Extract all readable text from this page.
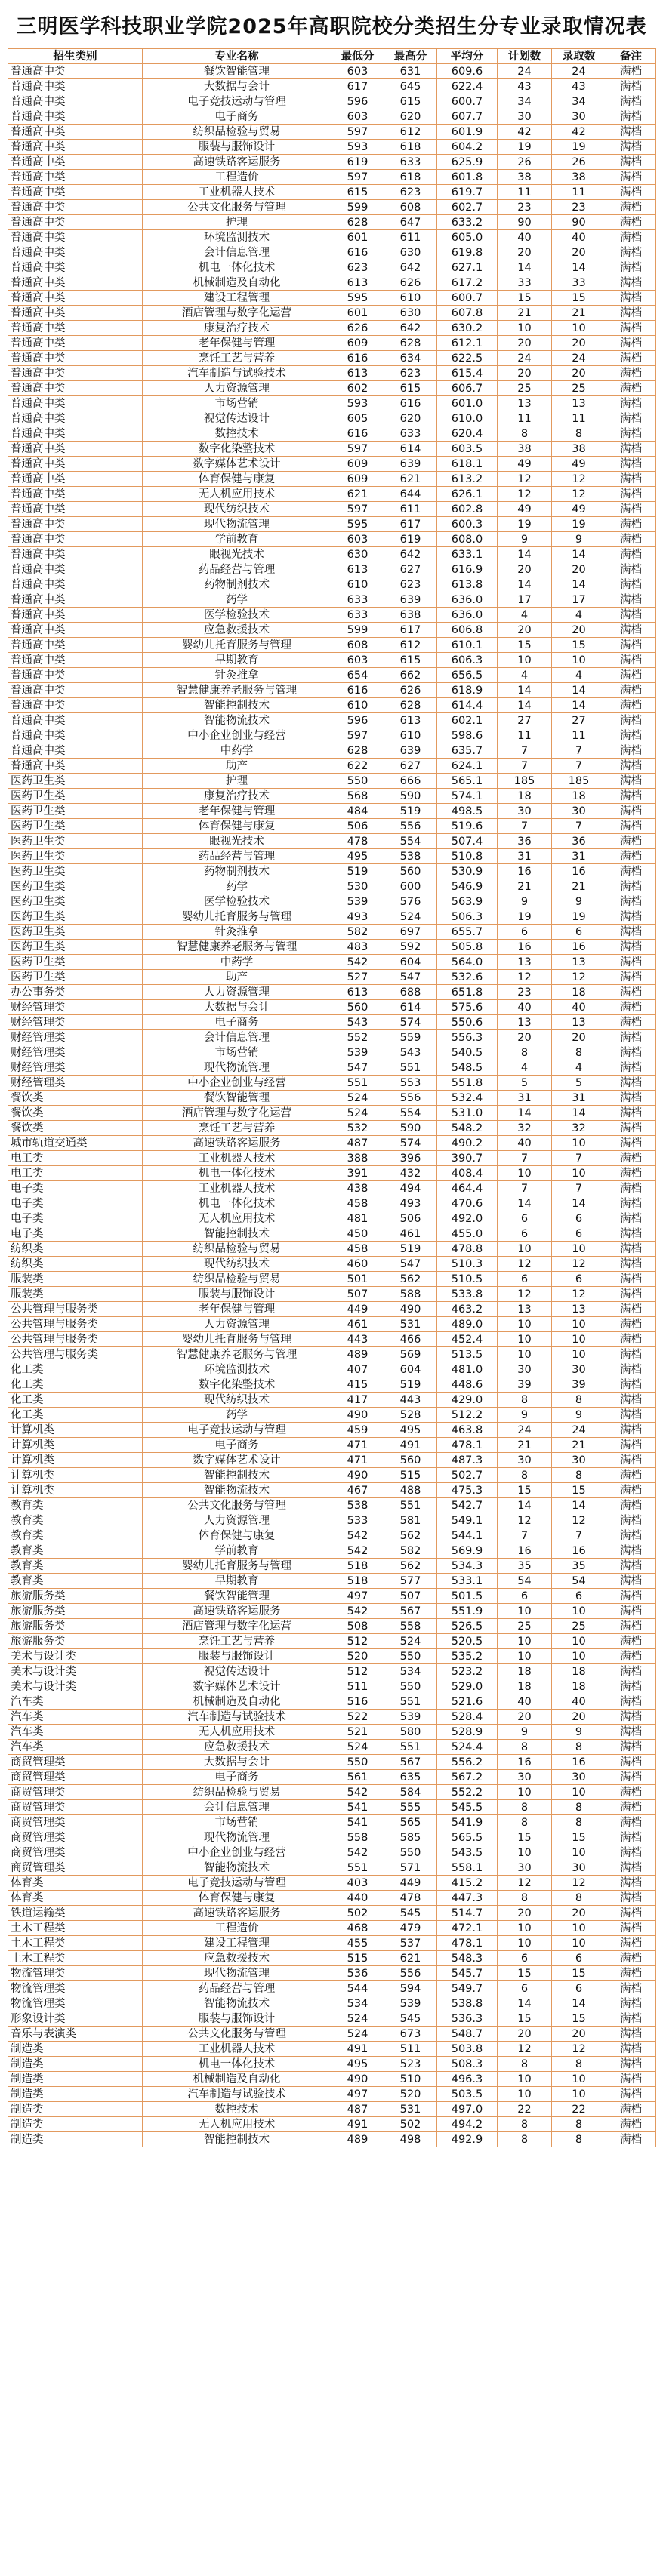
三明医学科技职业学院2025年高职院校分类招生分专业录取情况表
招生类别	专业名称	最低分	最高分	平均分	计划数	录取数	备注
普通高中类	餐饮智能管理	603	631	609.6	24	24	满档
普通高中类	大数据与会计	617	645	622.4	43	43	满档
普通高中类	电子竞技运动与管理	596	615	600.7	34	34	满档
普通高中类	电子商务	603	620	607.7	30	30	满档
普通高中类	纺织品检验与贸易	597	612	601.9	42	42	满档
普通高中类	服装与服饰设计	593	618	604.2	19	19	满档
普通高中类	高速铁路客运服务	619	633	625.9	26	26	满档
普通高中类	工程造价	597	618	601.8	38	38	满档
普通高中类	工业机器人技术	615	623	619.7	11	11	满档
普通高中类	公共文化服务与管理	599	608	602.7	23	23	满档
普通高中类	护理	628	647	633.2	90	90	满档
普通高中类	环境监测技术	601	611	605.0	40	40	满档
普通高中类	会计信息管理	616	630	619.8	20	20	满档
普通高中类	机电一体化技术	623	642	627.1	14	14	满档
普通高中类	机械制造及自动化	613	626	617.2	33	33	满档
普通高中类	建设工程管理	595	610	600.7	15	15	满档
普通高中类	酒店管理与数字化运营	601	630	607.8	21	21	满档
普通高中类	康复治疗技术	626	642	630.2	10	10	满档
普通高中类	老年保健与管理	609	628	612.1	20	20	满档
普通高中类	烹饪工艺与营养	616	634	622.5	24	24	满档
普通高中类	汽车制造与试验技术	613	623	615.4	20	20	满档
普通高中类	人力资源管理	602	615	606.7	25	25	满档
普通高中类	市场营销	593	616	601.0	13	13	满档
普通高中类	视觉传达设计	605	620	610.0	11	11	满档
普通高中类	数控技术	616	633	620.4	8	8	满档
普通高中类	数字化染整技术	597	614	603.5	38	38	满档
普通高中类	数字媒体艺术设计	609	639	618.1	49	49	满档
普通高中类	体育保健与康复	609	621	613.2	12	12	满档
普通高中类	无人机应用技术	621	644	626.1	12	12	满档
普通高中类	现代纺织技术	597	611	602.8	49	49	满档
普通高中类	现代物流管理	595	617	600.3	19	19	满档
普通高中类	学前教育	603	619	608.0	9	9	满档
普通高中类	眼视光技术	630	642	633.1	14	14	满档
普通高中类	药品经营与管理	613	627	616.9	20	20	满档
普通高中类	药物制剂技术	610	623	613.8	14	14	满档
普通高中类	药学	633	639	636.0	17	17	满档
普通高中类	医学检验技术	633	638	636.0	4	4	满档
普通高中类	应急救援技术	599	617	606.8	20	20	满档
普通高中类	婴幼儿托育服务与管理	608	612	610.1	15	15	满档
普通高中类	早期教育	603	615	606.3	10	10	满档
普通高中类	针灸推拿	654	662	656.5	4	4	满档
普通高中类	智慧健康养老服务与管理	616	626	618.9	14	14	满档
普通高中类	智能控制技术	610	628	614.4	14	14	满档
普通高中类	智能物流技术	596	613	602.1	27	27	满档
普通高中类	中小企业创业与经营	597	610	598.6	11	11	满档
普通高中类	中药学	628	639	635.7	7	7	满档
普通高中类	助产	622	627	624.1	7	7	满档
医药卫生类	护理	550	666	565.1	185	185	满档
医药卫生类	康复治疗技术	568	590	574.1	18	18	满档
医药卫生类	老年保健与管理	484	519	498.5	30	30	满档
医药卫生类	体育保健与康复	506	556	519.6	7	7	满档
医药卫生类	眼视光技术	478	554	507.4	36	36	满档
医药卫生类	药品经营与管理	495	538	510.8	31	31	满档
医药卫生类	药物制剂技术	519	560	530.9	16	16	满档
医药卫生类	药学	530	600	546.9	21	21	满档
医药卫生类	医学检验技术	539	576	563.9	9	9	满档
医药卫生类	婴幼儿托育服务与管理	493	524	506.3	19	19	满档
医药卫生类	针灸推拿	582	697	655.7	6	6	满档
医药卫生类	智慧健康养老服务与管理	483	592	505.8	16	16	满档
医药卫生类	中药学	542	604	564.0	13	13	满档
医药卫生类	助产	527	547	532.6	12	12	满档
办公事务类	人力资源管理	613	688	651.8	23	18	满档
财经管理类	大数据与会计	560	614	575.6	40	40	满档
财经管理类	电子商务	543	574	550.6	13	13	满档
财经管理类	会计信息管理	552	559	556.3	20	20	满档
财经管理类	市场营销	539	543	540.5	8	8	满档
财经管理类	现代物流管理	547	551	548.5	4	4	满档
财经管理类	中小企业创业与经营	551	553	551.8	5	5	满档
餐饮类	餐饮智能管理	524	556	532.4	31	31	满档
餐饮类	酒店管理与数字化运营	524	554	531.0	14	14	满档
餐饮类	烹饪工艺与营养	532	590	548.2	32	32	满档
城市轨道交通类	高速铁路客运服务	487	574	490.2	40	10	满档
电工类	工业机器人技术	388	396	390.7	7	7	满档
电工类	机电一体化技术	391	432	408.4	10	10	满档
电子类	工业机器人技术	438	494	464.4	7	7	满档
电子类	机电一体化技术	458	493	470.6	14	14	满档
电子类	无人机应用技术	481	506	492.0	6	6	满档
电子类	智能控制技术	450	461	455.0	6	6	满档
纺织类	纺织品检验与贸易	458	519	478.8	10	10	满档
纺织类	现代纺织技术	460	547	510.3	12	12	满档
服装类	纺织品检验与贸易	501	562	510.5	6	6	满档
服装类	服装与服饰设计	507	588	533.8	12	12	满档
公共管理与服务类	老年保健与管理	449	490	463.2	13	13	满档
公共管理与服务类	人力资源管理	461	531	489.0	10	10	满档
公共管理与服务类	婴幼儿托育服务与管理	443	466	452.4	10	10	满档
公共管理与服务类	智慧健康养老服务与管理	489	569	513.5	10	10	满档
化工类	环境监测技术	407	604	481.0	30	30	满档
化工类	数字化染整技术	415	519	448.6	39	39	满档
化工类	现代纺织技术	417	443	429.0	8	8	满档
化工类	药学	490	528	512.2	9	9	满档
计算机类	电子竞技运动与管理	459	495	463.8	24	24	满档
计算机类	电子商务	471	491	478.1	21	21	满档
计算机类	数字媒体艺术设计	471	560	487.3	30	30	满档
计算机类	智能控制技术	490	515	502.7	8	8	满档
计算机类	智能物流技术	467	488	475.3	15	15	满档
教育类	公共文化服务与管理	538	551	542.7	14	14	满档
教育类	人力资源管理	533	581	549.1	12	12	满档
教育类	体育保健与康复	542	562	544.1	7	7	满档
教育类	学前教育	542	582	569.9	16	16	满档
教育类	婴幼儿托育服务与管理	518	562	534.3	35	35	满档
教育类	早期教育	518	577	533.1	54	54	满档
旅游服务类	餐饮智能管理	497	507	501.5	6	6	满档
旅游服务类	高速铁路客运服务	542	567	551.9	10	10	满档
旅游服务类	酒店管理与数字化运营	508	558	526.5	25	25	满档
旅游服务类	烹饪工艺与营养	512	524	520.5	10	10	满档
美术与设计类	服装与服饰设计	520	550	535.2	10	10	满档
美术与设计类	视觉传达设计	512	534	523.2	18	18	满档
美术与设计类	数字媒体艺术设计	511	550	529.0	18	18	满档
汽车类	机械制造及自动化	516	551	521.6	40	40	满档
汽车类	汽车制造与试验技术	522	539	528.4	20	20	满档
汽车类	无人机应用技术	521	580	528.9	9	9	满档
汽车类	应急救援技术	524	551	524.4	8	8	满档
商贸管理类	大数据与会计	550	567	556.2	16	16	满档
商贸管理类	电子商务	561	635	567.2	30	30	满档
商贸管理类	纺织品检验与贸易	542	584	552.2	10	10	满档
商贸管理类	会计信息管理	541	555	545.5	8	8	满档
商贸管理类	市场营销	541	565	541.9	8	8	满档
商贸管理类	现代物流管理	558	585	565.5	15	15	满档
商贸管理类	中小企业创业与经营	542	550	543.5	10	10	满档
商贸管理类	智能物流技术	551	571	558.1	30	30	满档
体育类	电子竞技运动与管理	403	449	415.2	12	12	满档
体育类	体育保健与康复	440	478	447.3	8	8	满档
铁道运输类	高速铁路客运服务	502	545	514.7	20	20	满档
土木工程类	工程造价	468	479	472.1	10	10	满档
土木工程类	建设工程管理	455	537	478.1	10	10	满档
土木工程类	应急救援技术	515	621	548.3	6	6	满档
物流管理类	现代物流管理	536	556	545.7	15	15	满档
物流管理类	药品经营与管理	544	594	549.7	6	6	满档
物流管理类	智能物流技术	534	539	538.8	14	14	满档
形象设计类	服装与服饰设计	524	545	536.3	15	15	满档
音乐与表演类	公共文化服务与管理	524	673	548.7	20	20	满档
制造类	工业机器人技术	491	511	503.8	12	12	满档
制造类	机电一体化技术	495	523	508.3	8	8	满档
制造类	机械制造及自动化	490	510	496.3	10	10	满档
制造类	汽车制造与试验技术	497	520	503.5	10	10	满档
制造类	数控技术	487	531	497.0	22	22	满档
制造类	无人机应用技术	491	502	494.2	8	8	满档
制造类	智能控制技术	489	498	492.9	8	8	满档
